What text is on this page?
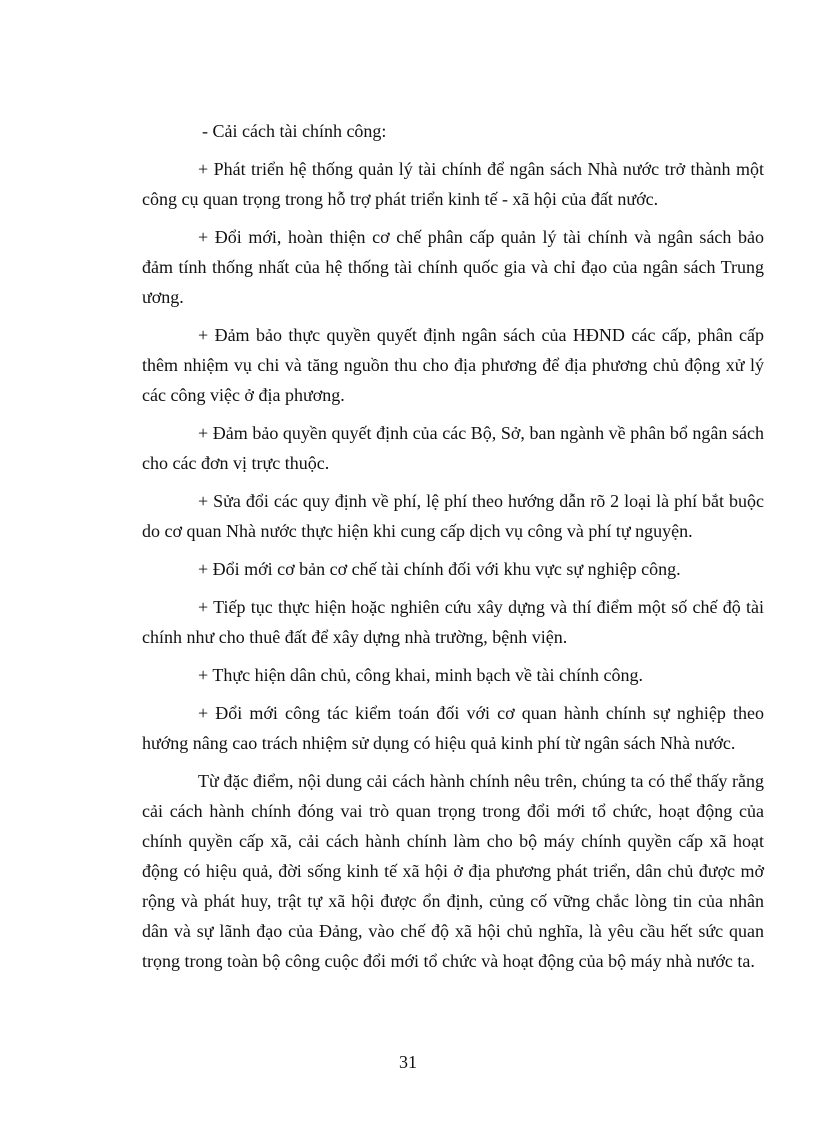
- Cải cách tài chính công:

+ Phát triển hệ thống quản lý tài chính để ngân sách Nhà nước trở thành một công cụ quan trọng trong hỗ trợ phát triển kinh tế - xã hội của đất nước.

+ Đổi mới, hoàn thiện cơ chế phân cấp quản lý tài chính và ngân sách bảo đảm tính thống nhất của hệ thống tài chính quốc gia và chỉ đạo của ngân sách Trung ương.

+ Đảm bảo thực quyền quyết định ngân sách của HĐND các cấp, phân cấp thêm nhiệm vụ chi và tăng nguồn thu cho địa phương để địa phương chủ động xử lý các công việc ở địa phương.

+ Đảm bảo quyền quyết định của các Bộ, Sở, ban ngành về phân bổ ngân sách cho các đơn vị trực thuộc.

+ Sửa đổi các quy định về phí, lệ phí theo hướng dẫn rõ 2 loại là phí bắt buộc do cơ quan Nhà nước thực hiện khi cung cấp dịch vụ công và phí tự nguyện.

+ Đổi mới cơ bản cơ chế tài chính đối với khu vực sự nghiệp công.

+ Tiếp tục thực hiện hoặc nghiên cứu xây dựng và thí điểm một số chế độ tài chính như cho thuê đất để xây dựng nhà trường, bệnh viện.

+ Thực hiện dân chủ, công khai, minh bạch về tài chính công.

+ Đổi mới công tác kiểm toán đối với cơ quan hành chính sự nghiệp theo hướng nâng cao trách nhiệm sử dụng có hiệu quả kinh phí từ ngân sách Nhà nước.

Từ đặc điểm, nội dung cải cách hành chính nêu trên, chúng ta có thể thấy rằng cải cách hành chính đóng vai trò quan trọng trong đổi mới tổ chức, hoạt động của chính quyền cấp xã, cải cách hành chính làm cho bộ máy chính quyền cấp xã hoạt động có hiệu quả, đời sống kinh tế xã hội ở địa phương phát triển, dân chủ được mở rộng và phát huy, trật tự xã hội được ổn định, củng cố vững chắc lòng tin của nhân dân và sự lãnh đạo của Đảng, vào chế độ xã hội chủ nghĩa, là yêu cầu hết sức quan trọng trong toàn bộ công cuộc đổi mới tổ chức và hoạt động của bộ máy nhà nước ta.

31
